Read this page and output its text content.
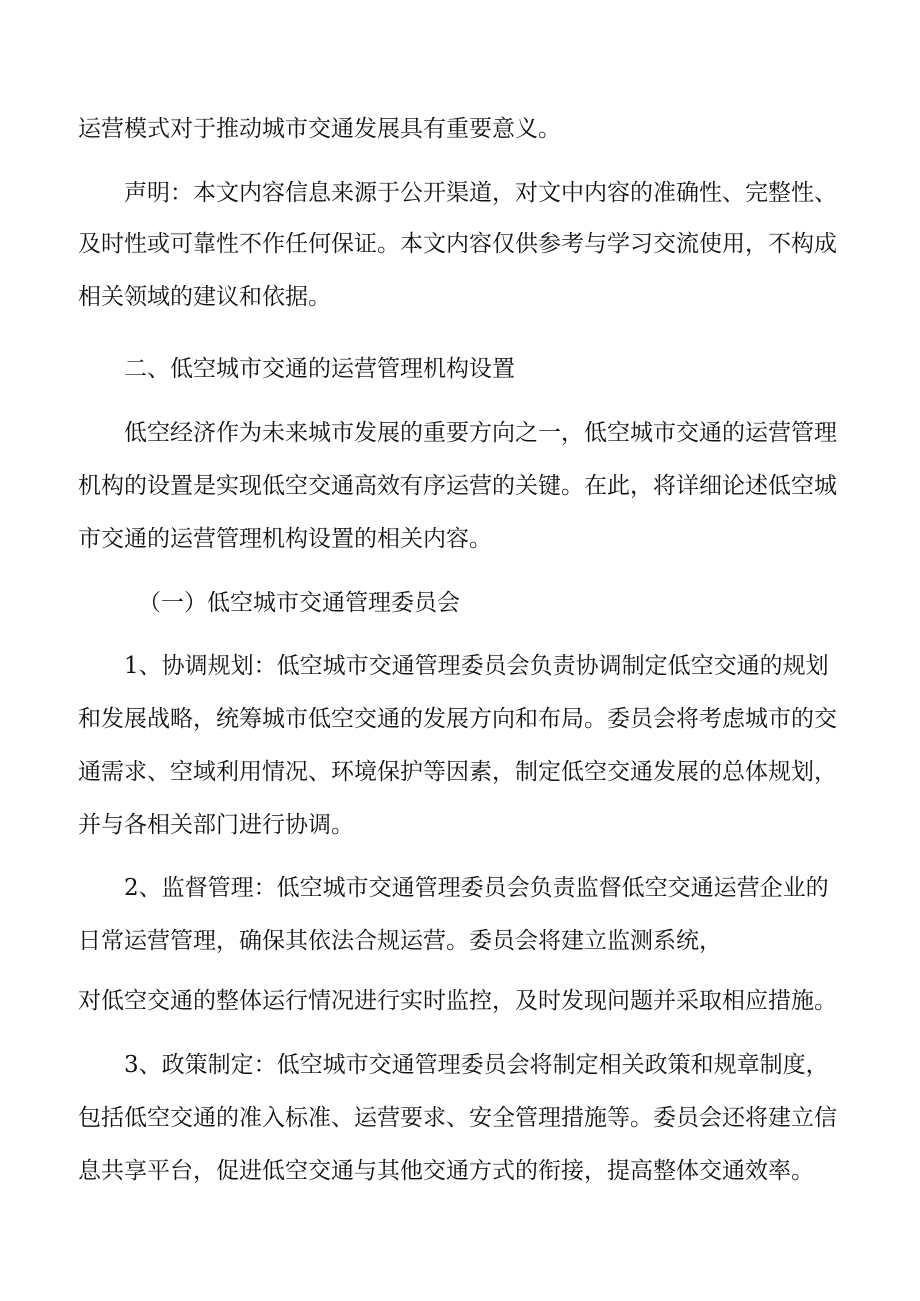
运营模式对于推动城市交通发展具有重要意义。
声明：本文内容信息来源于公开渠道，对文中内容的准确性、完整性、
及时性或可靠性不作任何保证。本文内容仅供参考与学习交流使用，不构成
相关领域的建议和依据。
二、低空城市交通的运营管理机构设置
低空经济作为未来城市发展的重要方向之一，低空城市交通的运营管理
机构的设置是实现低空交通高效有序运营的关键。在此，将详细论述低空城
市交通的运营管理机构设置的相关内容。
（一）低空城市交通管理委员会
1、协调规划：低空城市交通管理委员会负责协调制定低空交通的规划
和发展战略，统筹城市低空交通的发展方向和布局。委员会将考虑城市的交
通需求、空域利用情况、环境保护等因素，制定低空交通发展的总体规划，
并与各相关部门进行协调。
2、监督管理：低空城市交通管理委员会负责监督低空交通运营企业的
日常运营管理，确保其依法合规运营。委员会将建立监测系统，
对低空交通的整体运行情况进行实时监控，及时发现问题并采取相应措施。
3、政策制定：低空城市交通管理委员会将制定相关政策和规章制度，
包括低空交通的准入标准、运营要求、安全管理措施等。委员会还将建立信
息共享平台，促进低空交通与其他交通方式的衔接，提高整体交通效率。
